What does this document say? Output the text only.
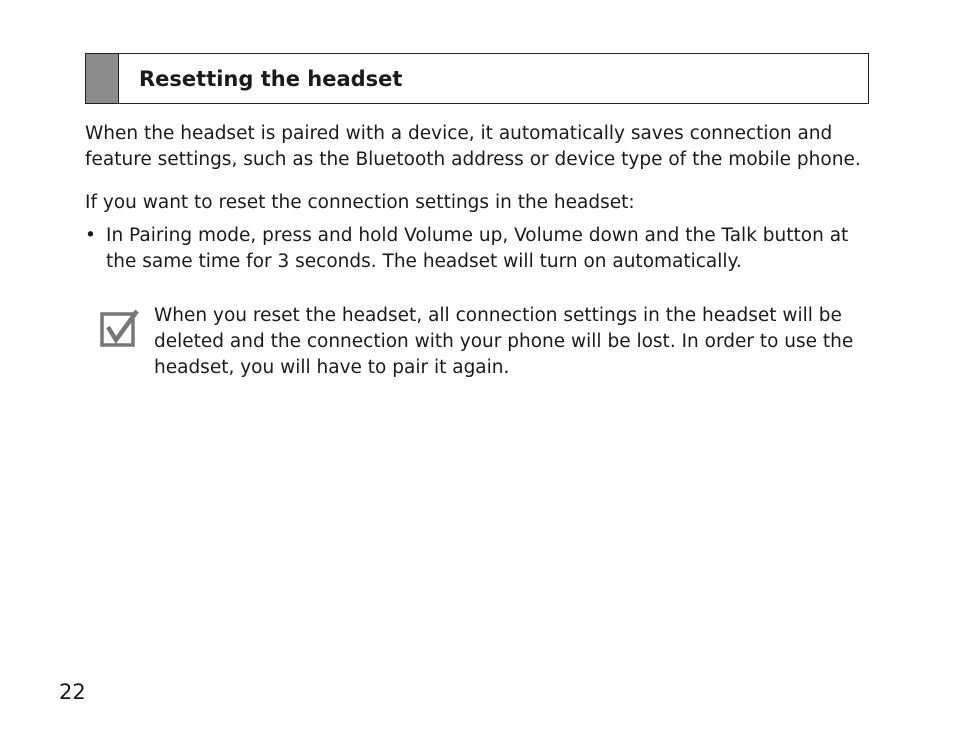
Resetting the headset

When the headset is paired with a device, it automatically saves connection and feature settings, such as the Bluetooth address or device type of the mobile phone.

If you want to reset the connection settings in the headset:

• In Pairing mode, press and hold Volume up, Volume down and the Talk button at the same time for 3 seconds. The headset will turn on automatically.

When you reset the headset, all connection settings in the headset will be deleted and the connection with your phone will be lost. In order to use the headset, you will have to pair it again.

22
